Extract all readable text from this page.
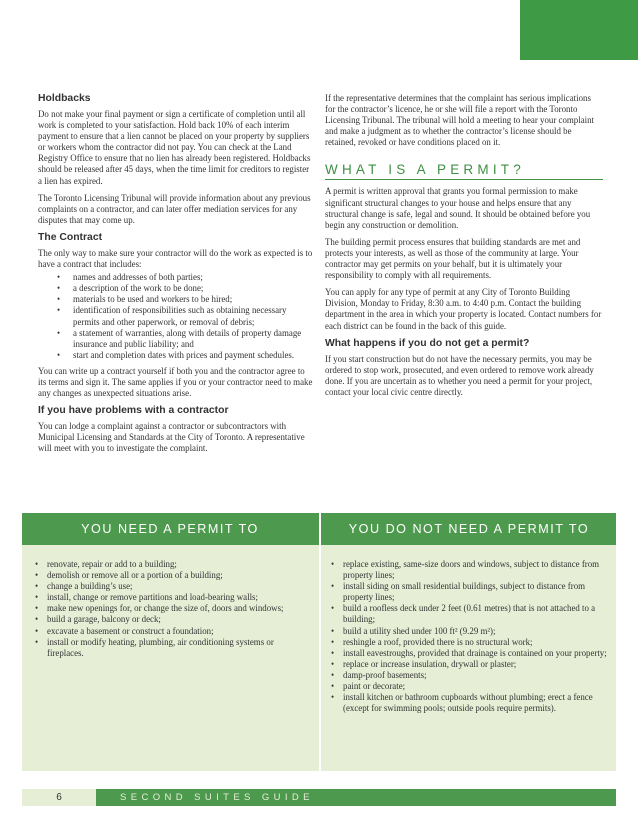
Holdbacks

Do not make your final payment or sign a certificate of completion until all work is completed to your satisfaction. Hold back 10% of each interim payment to ensure that a lien cannot be placed on your property by suppliers or workers whom the contractor did not pay. You can check at the Land Registry Office to ensure that no lien has already been registered. Holdbacks should be released after 45 days, when the time limit for creditors to register a lien has expired.

The Toronto Licensing Tribunal will provide information about any previous complaints on a contractor, and can later offer mediation services for any disputes that may come up.

The Contract

The only way to make sure your contractor will do the work as expected is to have a contract that includes:

• names and addresses of both parties;
• a description of the work to be done;
• materials to be used and workers to be hired;
• identification of responsibilities such as obtaining necessary permits and other paperwork, or removal of debris;
• a statement of warranties, along with details of property damage insurance and public liability; and
• start and completion dates with prices and payment schedules.

You can write up a contract yourself if both you and the contractor agree to its terms and sign it. The same applies if you or your contractor need to make any changes as unexpected situations arise.

If you have problems with a contractor

You can lodge a complaint against a contractor or subcontractors with Municipal Licensing and Standards at the City of Toronto. A representative will meet with you to investigate the complaint.

If the representative determines that the complaint has serious implications for the contractor’s licence, he or she will file a report with the Toronto Licensing Tribunal. The tribunal will hold a meeting to hear your complaint and make a judgment as to whether the contractor’s license should be retained, revoked or have conditions placed on it.

WHAT IS A PERMIT?

A permit is written approval that grants you formal permission to make significant structural changes to your house and helps ensure that any structural change is safe, legal and sound. It should be obtained before you begin any construction or demolition.

The building permit process ensures that building standards are met and protects your interests, as well as those of the community at large. Your contractor may get permits on your behalf, but it is ultimately your responsibility to comply with all requirements.

You can apply for any type of permit at any City of Toronto Building Division, Monday to Friday, 8:30 a.m. to 4:40 p.m. Contact the building department in the area in which your property is located. Contact numbers for each district can be found in the back of this guide.

What happens if you do not get a permit?

If you start construction but do not have the necessary permits, you may be ordered to stop work, prosecuted, and even ordered to remove work already done. If you are uncertain as to whether you need a permit for your project, contact your local civic centre directly.

YOU NEED A PERMIT TO	YOU DO NOT NEED A PERMIT TO
• renovate, repair or add to a building;
• demolish or remove all or a portion of a building;
• change a building’s use;
• install, change or remove partitions and load-bearing walls;
• make new openings for, or change the size of, doors and windows;
• build a garage, balcony or deck;
• excavate a basement or construct a foundation;
• install or modify heating, plumbing, air conditioning systems or fireplaces.
• replace existing, same-size doors and windows, subject to distance from property lines;
• install siding on small residential buildings, subject to distance from property lines;
• build a roofless deck under 2 feet (0.61 metres) that is not attached to a building;
• build a utility shed under 100 ft² (9.29 m²);
• reshingle a roof, provided there is no structural work;
• install eavestroughs, provided that drainage is contained on your property;
• replace or increase insulation, drywall or plaster;
• damp-proof basements;
• paint or decorate;
• install kitchen or bathroom cupboards without plumbing; erect a fence (except for swimming pools; outside pools require permits).
6	SECOND SUITES GUIDE
